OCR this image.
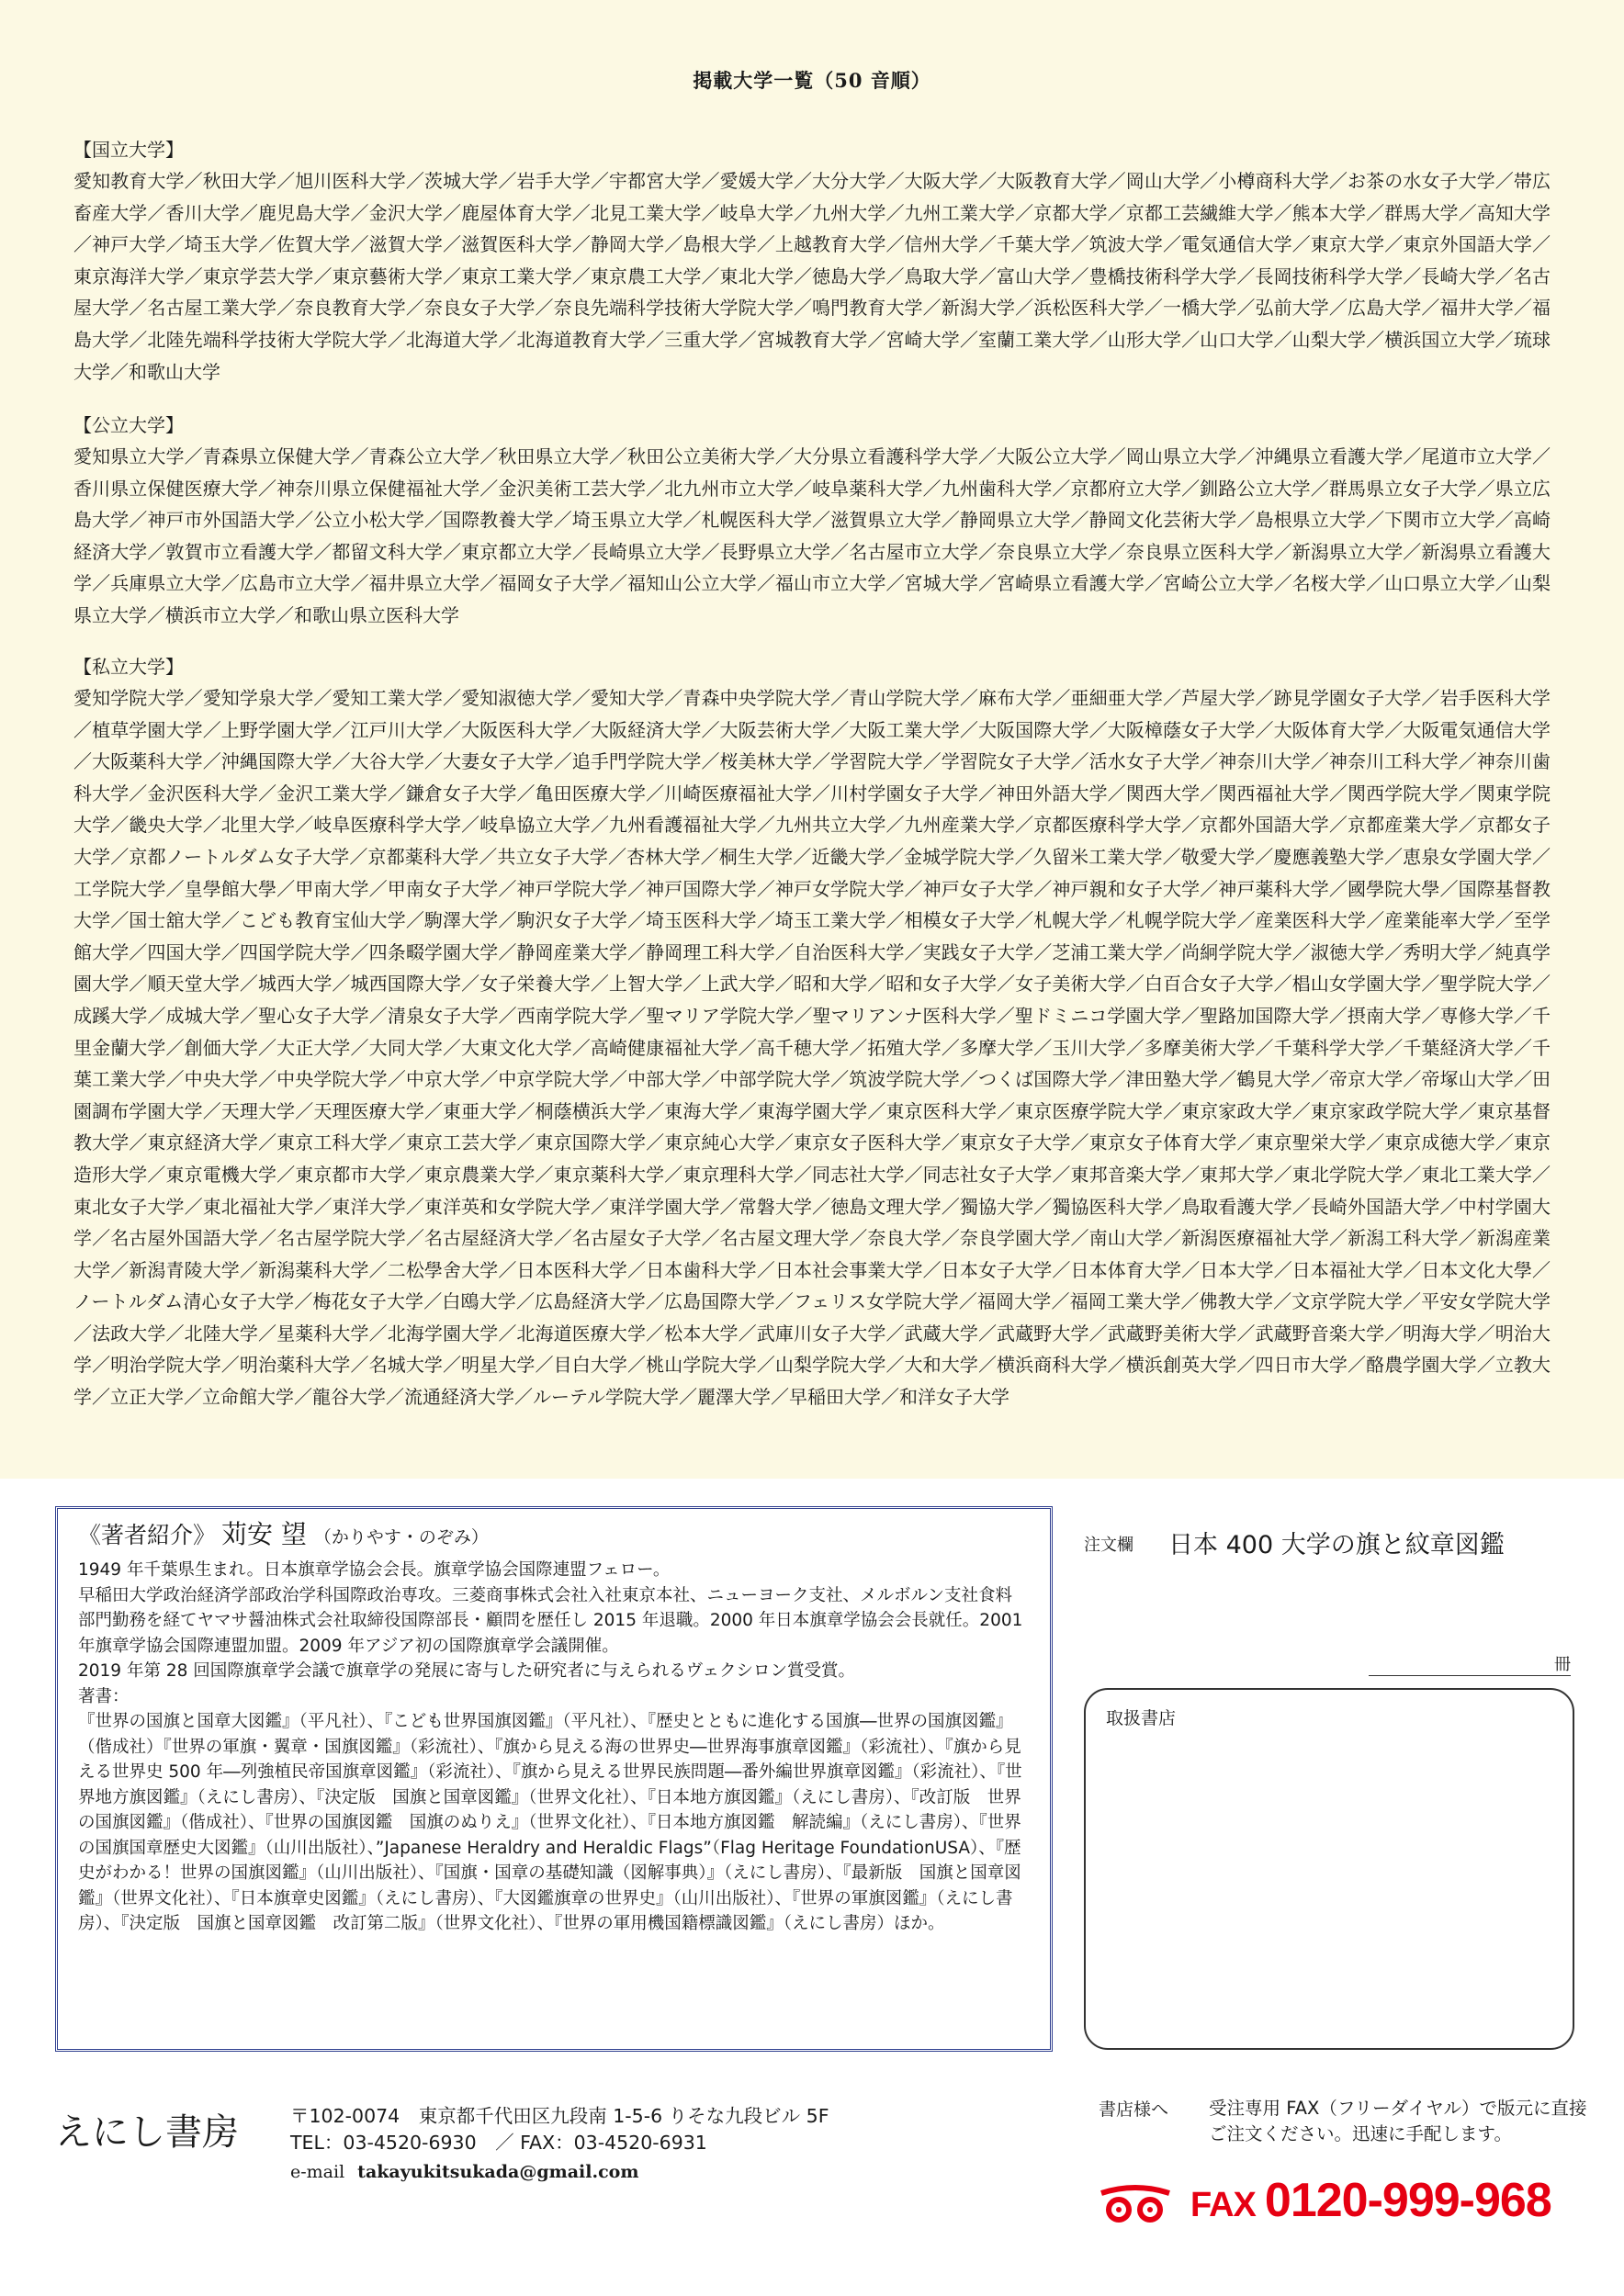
掲載大学一覧（50 音順）
【国立大学】
愛知教育大学／秋田大学／旭川医科大学／茨城大学／岩手大学／宇都宮大学／愛媛大学／大分大学／大阪大学／大阪教育大学／岡山大学／小樽商科大学／お茶の水女子大学／帯広畜産大学／香川大学／鹿児島大学／金沢大学／鹿屋体育大学／北見工業大学／岐阜大学／九州大学／九州工業大学／京都大学／京都工芸繊維大学／熊本大学／群馬大学／高知大学／神戸大学／埼玉大学／佐賀大学／滋賀大学／滋賀医科大学／静岡大学／島根大学／上越教育大学／信州大学／千葉大学／筑波大学／電気通信大学／東京大学／東京外国語大学／東京海洋大学／東京学芸大学／東京藝術大学／東京工業大学／東京農工大学／東北大学／徳島大学／鳥取大学／富山大学／豊橋技術科学大学／長岡技術科学大学／長崎大学／名古屋大学／名古屋工業大学／奈良教育大学／奈良女子大学／奈良先端科学技術大学院大学／鳴門教育大学／新潟大学／浜松医科大学／一橋大学／弘前大学／広島大学／福井大学／福島大学／北陸先端科学技術大学院大学／北海道大学／北海道教育大学／三重大学／宮城教育大学／宮崎大学／室蘭工業大学／山形大学／山口大学／山梨大学／横浜国立大学／琉球大学／和歌山大学
【公立大学】
愛知県立大学／青森県立保健大学／青森公立大学／秋田県立大学／秋田公立美術大学／大分県立看護科学大学／大阪公立大学／岡山県立大学／沖縄県立看護大学／尾道市立大学／香川県立保健医療大学／神奈川県立保健福祉大学／金沢美術工芸大学／北九州市立大学／岐阜薬科大学／九州歯科大学／京都府立大学／釧路公立大学／群馬県立女子大学／県立広島大学／神戸市外国語大学／公立小松大学／国際教養大学／埼玉県立大学／札幌医科大学／滋賀県立大学／静岡県立大学／静岡文化芸術大学／島根県立大学／下関市立大学／高崎経済大学／敦賀市立看護大学／都留文科大学／東京都立大学／長崎県立大学／長野県立大学／名古屋市立大学／奈良県立大学／奈良県立医科大学／新潟県立大学／新潟県立看護大学／兵庫県立大学／広島市立大学／福井県立大学／福岡女子大学／福知山公立大学／福山市立大学／宮城大学／宮崎県立看護大学／宮崎公立大学／名桜大学／山口県立大学／山梨県立大学／横浜市立大学／和歌山県立医科大学
【私立大学】
愛知学院大学／愛知学泉大学／愛知工業大学／愛知淑徳大学／愛知大学／青森中央学院大学／青山学院大学／麻布大学／亜細亜大学／芦屋大学／跡見学園女子大学／岩手医科大学／植草学園大学／上野学園大学／江戸川大学／大阪医科大学／大阪経済大学／大阪芸術大学／大阪工業大学／大阪国際大学／大阪樟蔭女子大学／大阪体育大学／大阪電気通信大学／大阪薬科大学／沖縄国際大学／大谷大学／大妻女子大学／追手門学院大学／桜美林大学／学習院大学／学習院女子大学／活水女子大学／神奈川大学／神奈川工科大学／神奈川歯科大学／金沢医科大学／金沢工業大学／鎌倉女子大学／亀田医療大学／川崎医療福祉大学／川村学園女子大学／神田外語大学／関西大学／関西福祉大学／関西学院大学／関東学院大学／畿央大学／北里大学／岐阜医療科学大学／岐阜協立大学／九州看護福祉大学／九州共立大学／九州産業大学／京都医療科学大学／京都外国語大学／京都産業大学／京都女子大学／京都ノートルダム女子大学／京都薬科大学／共立女子大学／杏林大学／桐生大学／近畿大学／金城学院大学／久留米工業大学／敬愛大学／慶應義塾大学／恵泉女学園大学／工学院大学／皇學館大學／甲南大学／甲南女子大学／神戸学院大学／神戸国際大学／神戸女学院大学／神戸女子大学／神戸親和女子大学／神戸薬科大学／國學院大學／国際基督教大学／国士舘大学／こども教育宝仙大学／駒澤大学／駒沢女子大学／埼玉医科大学／埼玉工業大学／相模女子大学／札幌大学／札幌学院大学／産業医科大学／産業能率大学／至学館大学／四国大学／四国学院大学／四条畷学園大学／静岡産業大学／静岡理工科大学／自治医科大学／実践女子大学／芝浦工業大学／尚絅学院大学／淑徳大学／秀明大学／純真学園大学／順天堂大学／城西大学／城西国際大学／女子栄養大学／上智大学／上武大学／昭和大学／昭和女子大学／女子美術大学／白百合女子大学／椙山女学園大学／聖学院大学／成蹊大学／成城大学／聖心女子大学／清泉女子大学／西南学院大学／聖マリア学院大学／聖マリアンナ医科大学／聖ドミニコ学園大学／聖路加国際大学／摂南大学／専修大学／千里金蘭大学／創価大学／大正大学／大同大学／大東文化大学／高崎健康福祉大学／高千穂大学／拓殖大学／多摩大学／玉川大学／多摩美術大学／千葉科学大学／千葉経済大学／千葉工業大学／中央大学／中央学院大学／中京大学／中京学院大学／中部大学／中部学院大学／筑波学院大学／つくば国際大学／津田塾大学／鶴見大学／帝京大学／帝塚山大学／田園調布学園大学／天理大学／天理医療大学／東亜大学／桐蔭横浜大学／東海大学／東海学園大学／東京医科大学／東京医療学院大学／東京家政大学／東京家政学院大学／東京基督教大学／東京経済大学／東京工科大学／東京工芸大学／東京国際大学／東京純心大学／東京女子医科大学／東京女子大学／東京女子体育大学／東京聖栄大学／東京成徳大学／東京造形大学／東京電機大学／東京都市大学／東京農業大学／東京薬科大学／東京理科大学／同志社大学／同志社女子大学／東邦音楽大学／東邦大学／東北学院大学／東北工業大学／東北女子大学／東北福祉大学／東洋大学／東洋英和女学院大学／東洋学園大学／常磐大学／徳島文理大学／獨協大学／獨協医科大学／鳥取看護大学／長崎外国語大学／中村学園大学／名古屋外国語大学／名古屋学院大学／名古屋経済大学／名古屋女子大学／名古屋文理大学／奈良大学／奈良学園大学／南山大学／新潟医療福祉大学／新潟工科大学／新潟産業大学／新潟青陵大学／新潟薬科大学／二松學舍大学／日本医科大学／日本歯科大学／日本社会事業大学／日本女子大学／日本体育大学／日本大学／日本福祉大学／日本文化大學／ノートルダム清心女子大学／梅花女子大学／白鴎大学／広島経済大学／広島国際大学／フェリス女学院大学／福岡大学／福岡工業大学／佛教大学／文京学院大学／平安女学院大学／法政大学／北陸大学／星薬科大学／北海学園大学／北海道医療大学／松本大学／武庫川女子大学／武蔵大学／武蔵野大学／武蔵野美術大学／武蔵野音楽大学／明海大学／明治大学／明治学院大学／明治薬科大学／名城大学／明星大学／目白大学／桃山学院大学／山梨学院大学／大和大学／横浜商科大学／横浜創英大学／四日市大学／酪農学園大学／立教大学／立正大学／立命館大学／龍谷大学／流通経済大学／ルーテル学院大学／麗澤大学／早稲田大学／和洋女子大学
《著者紹介》 苅安 望 （かりやす・のぞみ）

1949 年千葉県生まれ。日本旗章学協会会長。旗章学協会国際連盟フェロー。

早稲田大学政治経済学部政治学科国際政治専攻。三菱商事株式会社入社東京本社、ニューヨーク支社、メルボルン支社食料部門勤務を経てヤマサ醤油株式会社取締役国際部長・顧問を歴任し 2015 年退職。2000 年日本旗章学協会会長就任。2001 年旗章学協会国際連盟加盟。2009 年アジア初の国際旗章学会議開催。

2019 年第 28 回国際旗章学会議で旗章学の発展に寄与した研究者に与えられるヴェクシロン賞受賞。

著書：

『世界の国旗と国章大図鑑』（平凡社）、『こども世界国旗図鑑』（平凡社）、『歴史とともに進化する国旗―世界の国旗図鑑』（偕成社）『世界の軍旗・翼章・国旗図鑑』（彩流社）、『旗から見える海の世界史―世界海事旗章図鑑』（彩流社）、『旗から見える世界史 500 年―列強植民帝国旗章図鑑』（彩流社）、『旗から見える世界民族問題―番外編世界旗章図鑑』（彩流社）、『世界地方旗図鑑』（えにし書房）、『決定版　国旗と国章図鑑』（世界文化社）、『日本地方旗図鑑』（えにし書房）、『改訂版　世界の国旗図鑑』（偕成社）、『世界の国旗図鑑　国旗のぬりえ』（世界文化社）、『日本地方旗図鑑　解読編』（えにし書房）、『世界の国旗国章歴史大図鑑』（山川出版社）、”Japanese Heraldry and Heraldic Flags”（Flag Heritage FoundationUSA）、『歴史がわかる！世界の国旗図鑑』（山川出版社）、『国旗・国章の基礎知識（図解事典）』（えにし書房）、『最新版　国旗と国章図鑑』（世界文化社）、『日本旗章史図鑑』（えにし書房）、『大図鑑旗章の世界史』（山川出版社）、『世界の軍旗図鑑』（えにし書房）、『決定版　国旗と国章図鑑　改訂第二版』（世界文化社）、『世界の軍用機国籍標識図鑑』（えにし書房）ほか。

注文欄 日本 400 大学の旗と紋章図鑑
冊
取扱書店
えにし書房	〒102-0074　東京都千代田区九段南 1-5-6 りそな九段ビル 5F
TEL：03-4520-6930　／ FAX：03-4520-6931
e-mail takayukitsukada@gmail.com
書店様へ 受注専用 FAX（フリーダイヤル）で版元に直接ご注文ください。迅速に手配します。
FAX 0120-999-968
